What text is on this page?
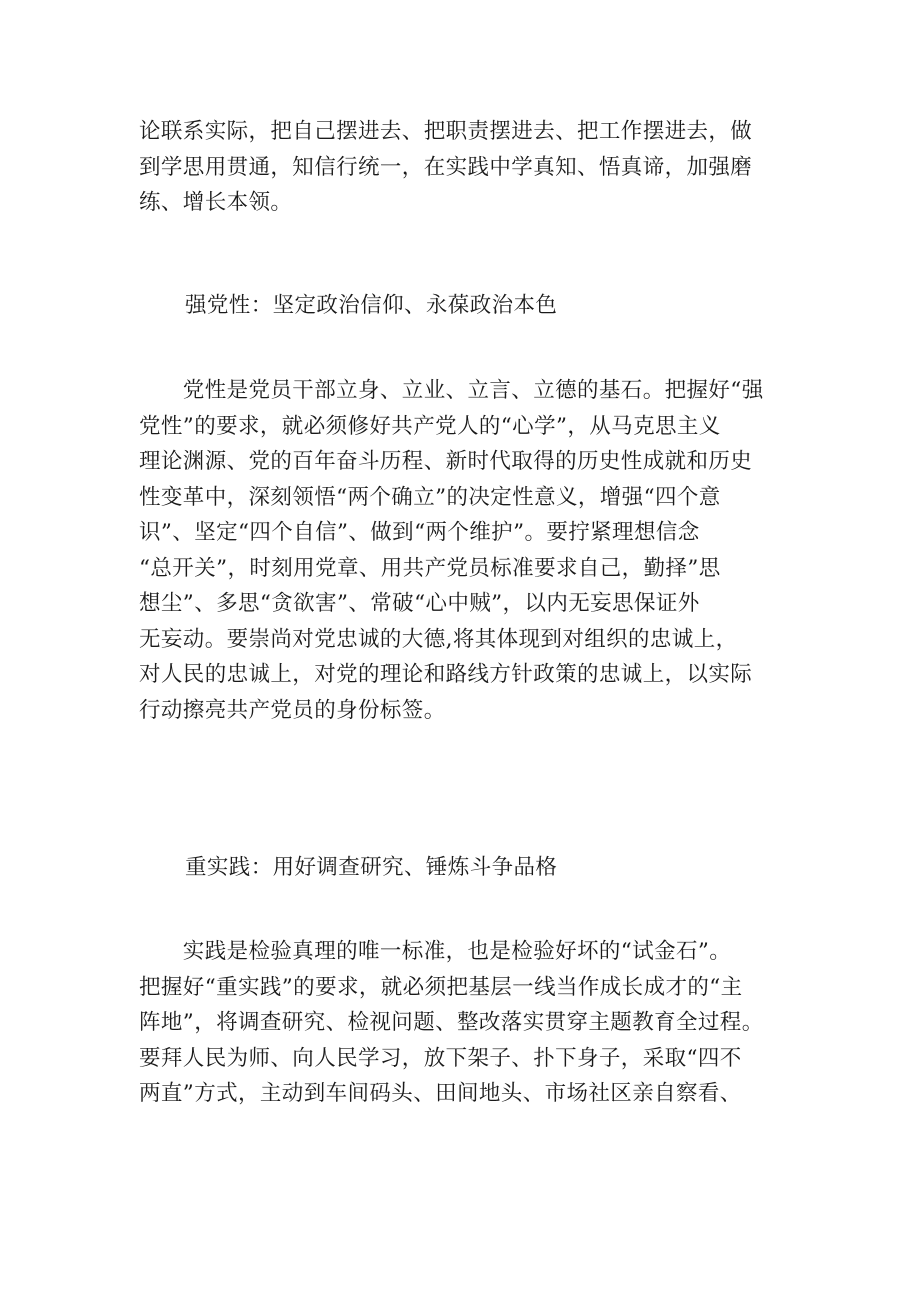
论联系实际，把自己摆进去、把职责摆进去、把工作摆进去，做
到学思用贯通，知信行统一，在实践中学真知、悟真谛，加强磨
练、增长本领。

强党性：坚定政治信仰、永葆政治本色

　　党性是党员干部立身、立业、立言、立德的基石。把握好“强
党性”的要求，就必须修好共产党人的“心学”，从马克思主义
理论渊源、党的百年奋斗历程、新时代取得的历史性成就和历史
性变革中，深刻领悟“两个确立”的决定性意义，增强“四个意
识”、坚定“四个自信”、做到“两个维护”。要拧紧理想信念
“总开关”，时刻用党章、用共产党员标准要求自己，勤择”思
想尘”、多思“贪欲害”、常破“心中贼”，以内无妄思保证外
无妄动。要崇尚对党忠诚的大德,将其体现到对组织的忠诚上，
对人民的忠诚上，对党的理论和路线方针政策的忠诚上，以实际
行动擦亮共产党员的身份标签。

重实践：用好调查研究、锤炼斗争品格

　　实践是检验真理的唯一标准，也是检验好坏的“试金石”。
把握好“重实践”的要求，就必须把基层一线当作成长成才的“主
阵地”，将调查研究、检视问题、整改落实贯穿主题教育全过程。
要拜人民为师、向人民学习，放下架子、扑下身子，采取“四不
两直”方式，主动到车间码头、田间地头、市场社区亲自察看、
